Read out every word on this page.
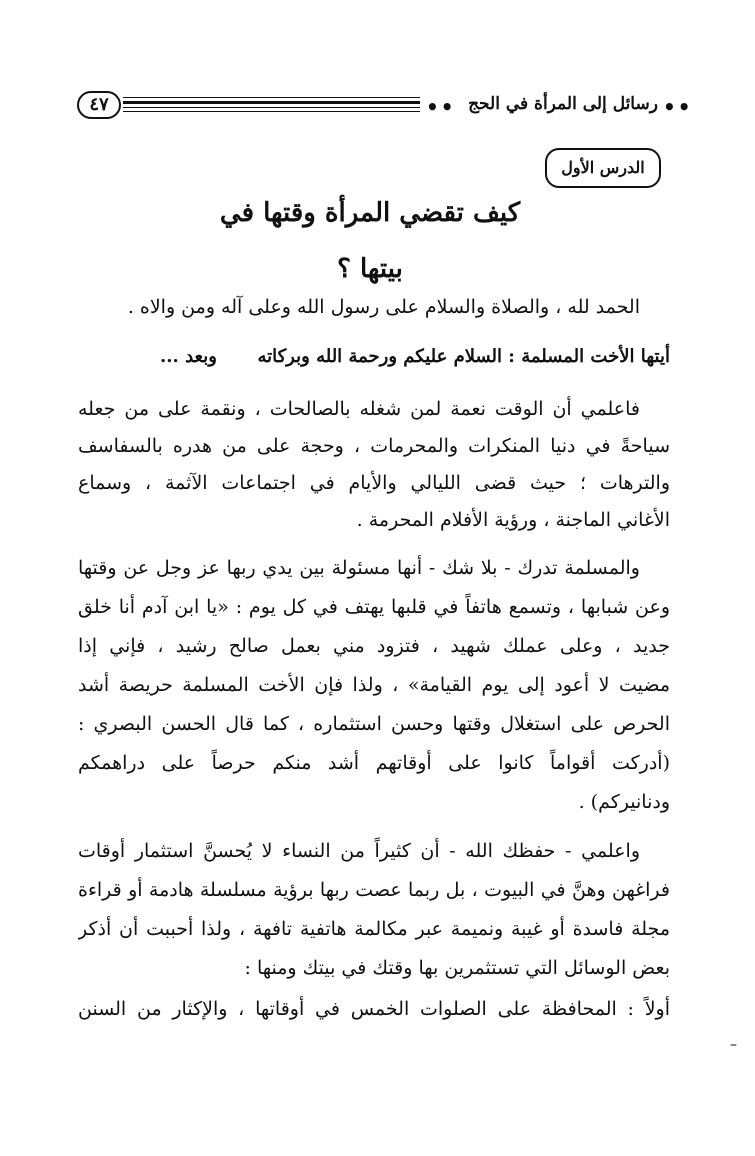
••
رسائل إلى المرأة في الحج
••
٤٧
الدرس الأول
كيف تقضي المرأة وقتها في بيتها ؟
الحمد لله ، والصلاة والسلام على رسول الله وعلى آله ومن والاه .
أيتها الأخت المسلمة : السلام عليكم ورحمة الله وبركاته
وبعد ...
فاعلمي أن الوقت نعمة لمن شغله بالصالحات ، ونقمة على من جعله
سياحةً في دنيا المنكرات والمحرمات ، وحجة على من هدره بالسفاسف
والترهات ؛ حيث قضى الليالي والأيام في اجتماعات الآثمة ، وسماع
الأغاني الماجنة ، ورؤية الأفلام المحرمة .
والمسلمة تدرك - بلا شك - أنها مسئولة بين يدي ربها عز وجل عن وقتها
وعن شبابها ، وتسمع هاتفاً في قلبها يهتف في كل يوم : «يا ابن آدم أنا خلق
جديد ، وعلى عملك شهيد ، فتزود مني بعمل صالح رشيد ، فإني إذا
مضيت لا أعود إلى يوم القيامة» ، ولذا فإن الأخت المسلمة حريصة أشد
الحرص على استغلال وقتها وحسن استثماره ، كما قال الحسن البصري :
(أدركت أقواماً كانوا على أوقاتهم أشد منكم حرصاً على دراهمكم
ودنانيركم) .
واعلمي - حفظك الله - أن كثيراً من النساء لا يُحسنَّ استثمار أوقات
فراغهن وهنَّ في البيوت ، بل ربما عصت ربها برؤية مسلسلة هادمة أو قراءة
مجلة فاسدة أو غيبة ونميمة عبر مكالمة هاتفية تافهة ، ولذا أحببت أن أذكر
بعض الوسائل التي تستثمرين بها وقتك في بيتك ومنها :
أولاً : المحافظة على الصلوات الخمس في أوقاتها ، والإكثار من السنن
–
